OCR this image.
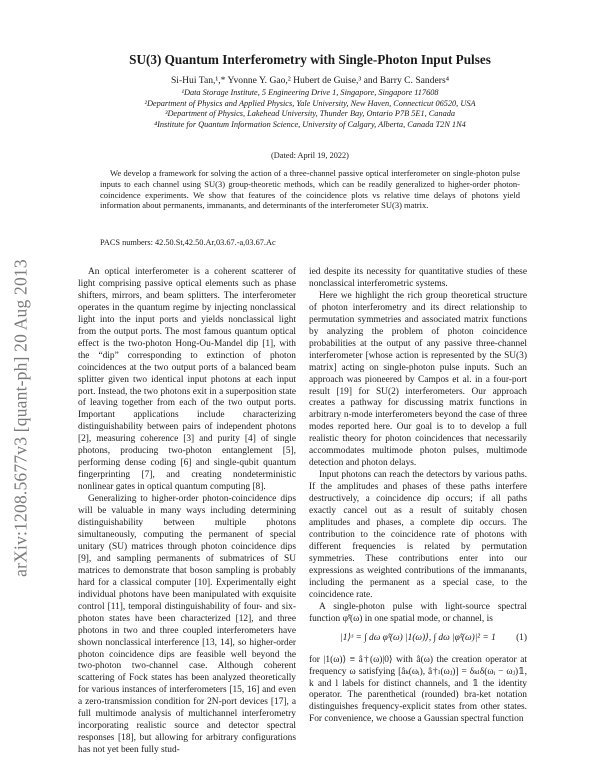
arXiv:1208.5677v3 [quant-ph] 20 Aug 2013
SU(3) Quantum Interferometry with Single-Photon Input Pulses
Si-Hui Tan,¹,* Yvonne Y. Gao,² Hubert de Guise,³ and Barry C. Sanders⁴
¹Data Storage Institute, 5 Engineering Drive 1, Singapore, Singapore 117608
²Department of Physics and Applied Physics, Yale University, New Haven, Connecticut 06520, USA
³Department of Physics, Lakehead University, Thunder Bay, Ontario P7B 5E1, Canada
⁴Institute for Quantum Information Science, University of Calgary, Alberta, Canada T2N 1N4
(Dated: April 19, 2022)
We develop a framework for solving the action of a three-channel passive optical interferometer on single-photon pulse inputs to each channel using SU(3) group-theoretic methods, which can be readily generalized to higher-order photon-coincidence experiments. We show that features of the coincidence plots vs relative time delays of photons yield information about permanents, immanants, and determinants of the interferometer SU(3) matrix.
PACS numbers: 42.50.St,42.50.Ar,03.67.-a,03.67.Ac

An optical interferometer is a coherent scatterer of light comprising passive optical elements such as phase shifters, mirrors, and beam splitters. The interferometer operates in the quantum regime by injecting nonclassical light into the input ports and yields nonclassical light from the output ports. The most famous quantum optical effect is the two-photon Hong-Ou-Mandel dip [1], with the “dip” corresponding to extinction of photon coincidences at the two output ports of a balanced beam splitter given two identical input photons at each input port. Instead, the two photons exit in a superposition state of leaving together from each of the two output ports. Important applications include characterizing distinguishability between pairs of independent photons [2], measuring coherence [3] and purity [4] of single photons, producing two-photon entanglement [5], performing dense coding [6] and single-qubit quantum fingerprinting [7], and creating nondeterministic nonlinear gates in optical quantum computing [8].

Generalizing to higher-order photon-coincidence dips will be valuable in many ways including determining distinguishability between multiple photons simultaneously, computing the permanent of special unitary (SU) matrices through photon coincidence dips [9], and sampling permanents of submatrices of SU matrices to demonstrate that boson sampling is probably hard for a classical computer [10]. Experimentally eight individual photons have been manipulated with exquisite control [11], temporal distinguishability of four- and six-photon states have been characterized [12], and three photons in two and three coupled interferometers have shown nonclassical interference [13, 14], so higher-order photon coincidence dips are feasible well beyond the two-photon two-channel case. Although coherent scattering of Fock states has been analyzed theoretically for various instances of interferometers [15, 16] and even a zero-transmission condition for 2N-port devices [17], a full multimode analysis of multichannel interferometry incorporating realistic source and detector spectral responses [18], but allowing for arbitrary configurations has not yet been fully stud-

ied despite its necessity for quantitative studies of these nonclassical interferometric systems.

Here we highlight the rich group theoretical structure of photon interferometry and its direct relationship to permutation symmetries and associated matrix functions by analyzing the problem of photon coincidence probabilities at the output of any passive three-channel interferometer [whose action is represented by the SU(3) matrix] acting on single-photon pulse inputs. Such an approach was pioneered by Campos et al. in a four-port result [19] for SU(2) interferometers. Our approach creates a pathway for discussing matrix functions in arbitrary n-mode interferometers beyond the case of three modes reported here. Our goal is to to develop a full realistic theory for photon coincidences that necessarily accommodates multimode photon pulses, multimode detection and photon delays.

Input photons can reach the detectors by various paths. If the amplitudes and phases of these paths interfere destructively, a coincidence dip occurs; if all paths exactly cancel out as a result of suitably chosen amplitudes and phases, a complete dip occurs. The contribution to the coincidence rate of photons with different frequencies is related by permutation symmetries. These contributions enter into our expressions as weighted contributions of the immanants, including the permanent as a special case, to the coincidence rate.

A single-photon pulse with light-source spectral function φ̃ˢ(ω) in one spatial mode, or channel, is

|1⟩ˢ = ∫ dω φ̃ˢ(ω) |1(ω)⟩, ∫ dω |φ̃ˢ(ω)|² = 1	(1)

for |1(ω)⟩ ≡ â†(ω)|0⟩ with â(ω) the creation operator at frequency ω satisfying [âₖ(ωᵢ), â†ₗ(ωⱼ)] = δₖₗδ(ωᵢ − ωⱼ)𝟙, k and l labels for distinct channels, and 𝟙 the identity operator. The parenthetical (rounded) bra-ket notation distinguishes frequency-explicit states from other states. For convenience, we choose a Gaussian spectral function
